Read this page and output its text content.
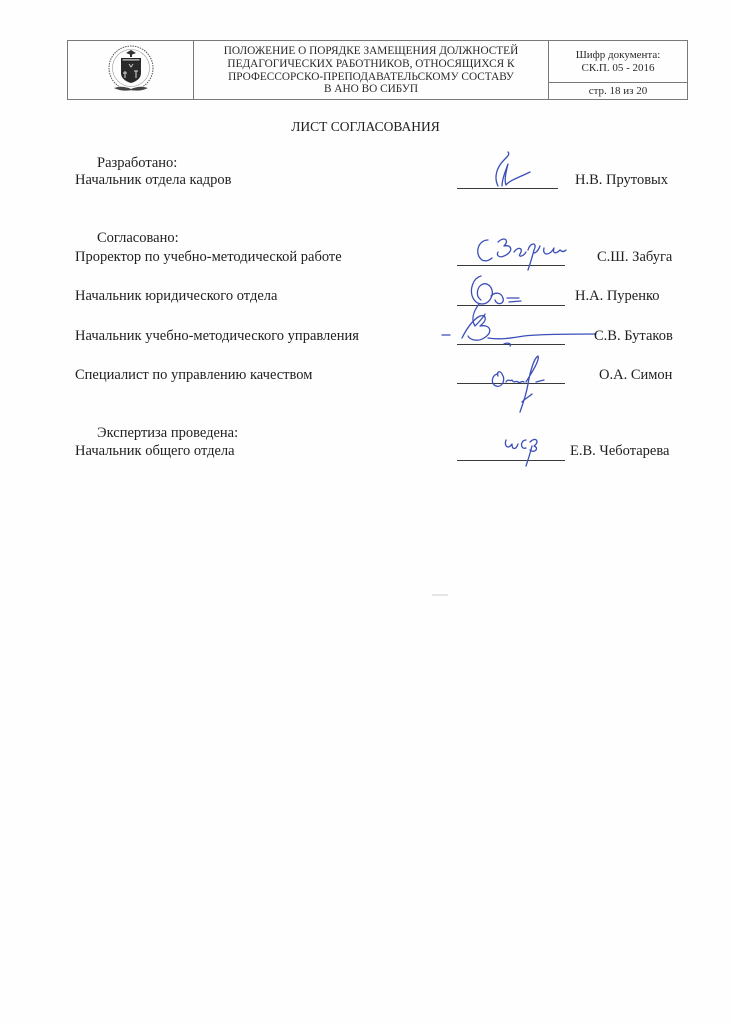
ПОЛОЖЕНИЕ О ПОРЯДКЕ ЗАМЕЩЕНИЯ ДОЛЖНОСТЕЙ
ПЕДАГОГИЧЕСКИХ РАБОТНИКОВ, ОТНОСЯЩИХСЯ К
ПРОФЕССОРСКО-ПРЕПОДАВАТЕЛЬСКОМУ СОСТАВУ
В АНО ВО СИБУП
Шифр документа:
СК.П. 05 - 2016
стр. 18 из 20
ЛИСТ СОГЛАСОВАНИЯ
Разработано:
Начальник отдела кадров	Н.В. Прутовых
Согласовано:
Проректор по учебно-методической работе	С.Ш. Забуга
Начальник юридического отдела	Н.А. Пуренко
Начальник учебно-методического управления	С.В. Бутаков
Специалист по управлению качеством	О.А. Симон
Экспертиза проведена:
Начальник общего отдела	Е.В. Чеботарева
